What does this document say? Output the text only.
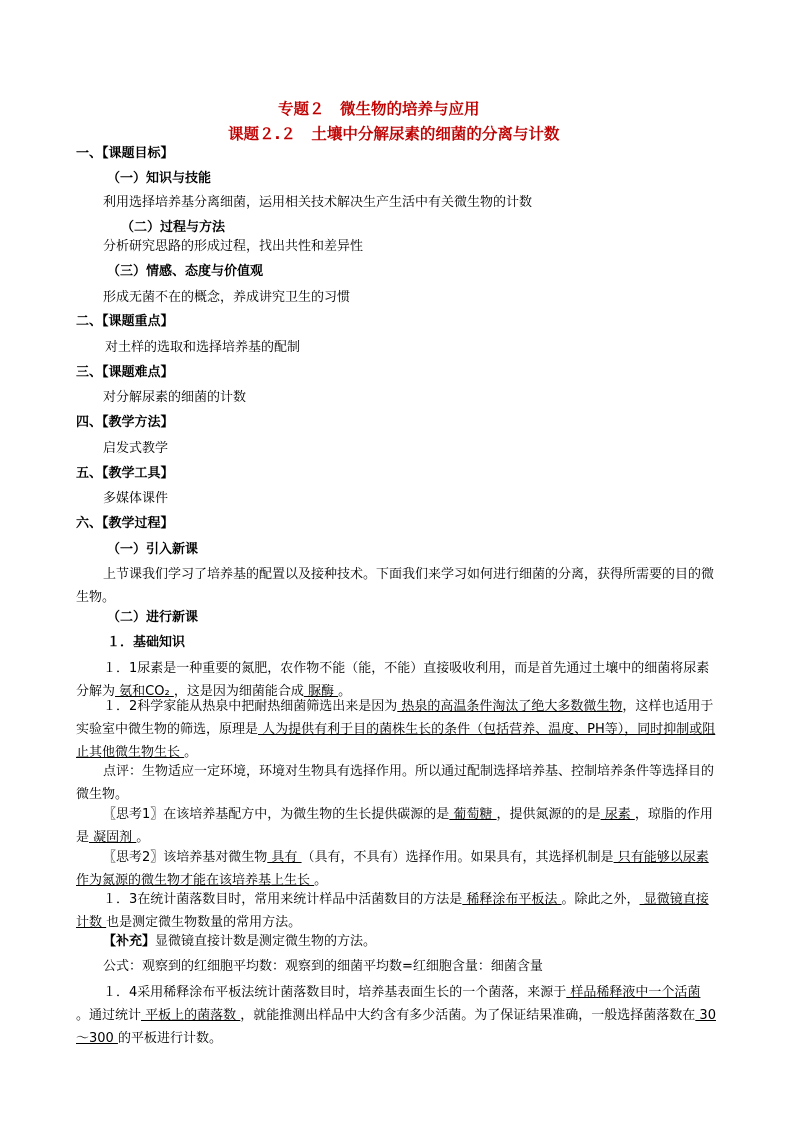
专题２　微生物的培养与应用
课题２.２　土壤中分解尿素的细菌的分离与计数
一、【课题目标】
（一）知识与技能
利用选择培养基分离细菌，运用相关技术解决生产生活中有关微生物的计数
（二）过程与方法
分析研究思路的形成过程，找出共性和差异性
（三）情感、态度与价值观
形成无菌不在的概念，养成讲究卫生的习惯
二、【课题重点】
对土样的选取和选择培养基的配制
三、【课题难点】
对分解尿素的细菌的计数
四、【教学方法】
启发式教学
五、【教学工具】
多媒体课件
六、【教学过程】
（一）引入新课
上节课我们学习了培养基的配置以及接种技术。下面我们来学习如何进行细菌的分离，获得所需要的目的微生物。
（二）进行新课
１．基础知识
１．1尿素是一种重要的氮肥，农作物不能（能，不能）直接吸收利用，而是首先通过土壤中的细菌将尿素分解为 氨和CO₂ ，这是因为细菌能合成 脲酶 。
１．2科学家能从热泉中把耐热细菌筛选出来是因为 热泉的高温条件淘汰了绝大多数微生物，这样也适用于实验室中微生物的筛选，原理是 人为提供有利于目的菌株生长的条件（包括营养、温度、PH等），同时抑制或阻止其他微生物生长 。
点评：生物适应一定环境，环境对生物具有选择作用。所以通过配制选择培养基、控制培养条件等选择目的微生物。
〖思考1〗在该培养基配方中，为微生物的生长提供碳源的是 葡萄糖 ，提供氮源的的是 尿素 ，琼脂的作用是 凝固剂 。
〖思考2〗该培养基对微生物 具有 （具有，不具有）选择作用。如果具有，其选择机制是 只有能够以尿素作为氮源的微生物才能在该培养基上生长 。
１．3在统计菌落数目时，常用来统计样品中活菌数目的方法是 稀释涂布平板法 。除此之外， 显微镜直接计数 也是测定微生物数量的常用方法。
【补充】显微镜直接计数是测定微生物的方法。
公式：观察到的红细胞平均数：观察到的细菌平均数=红细胞含量：细菌含量
１．4采用稀释涂布平板法统计菌落数目时，培养基表面生长的一个菌落，来源于 样品稀释液中一个活菌 。通过统计 平板上的菌落数 ，就能推测出样品中大约含有多少活菌。为了保证结果准确，一般选择菌落数在 30～300 的平板进行计数。
